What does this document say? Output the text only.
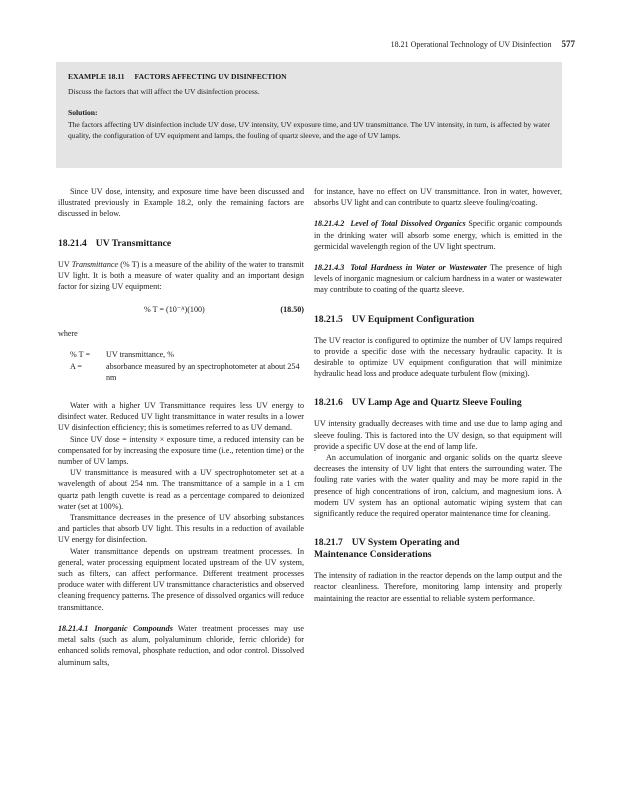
18.21 Operational Technology of UV Disinfection 577
EXAMPLE 18.11 FACTORS AFFECTING UV DISINFECTION
Discuss the factors that will affect the UV disinfection process.
Solution:
The factors affecting UV disinfection include UV dose, UV intensity, UV exposure time, and UV transmittance. The UV intensity, in turn, is affected by water quality, the configuration of UV equipment and lamps, the fouling of quartz sleeve, and the age of UV lamps.

Since UV dose, intensity, and exposure time have been discussed and illustrated previously in Example 18.2, only the remaining factors are discussed in below.

18.21.4 UV Transmittance

UV Transmittance (% T) is a measure of the ability of the water to transmit UV light. It is both a measure of water quality and an important design factor for sizing UV equipment:

% T = (10⁻ᴬ)(100)	(18.50)

where

% T =	UV transmittance, %
A =	absorbance measured by an spectrophotometer at about 254 nm

Water with a higher UV Transmittance requires less UV energy to disinfect water. Reduced UV light transmittance in water results in a lower UV disinfection efficiency; this is sometimes referred to as UV demand.

Since UV dose = intensity × exposure time, a reduced intensity can be compensated for by increasing the exposure time (i.e., retention time) or the number of UV lamps.

UV transmittance is measured with a UV spectrophotometer set at a wavelength of about 254 nm. The transmittance of a sample in a 1 cm quartz path length cuvette is read as a percentage compared to deionized water (set at 100%).

Transmittance decreases in the presence of UV absorbing substances and particles that absorb UV light. This results in a reduction of available UV energy for disinfection.

Water transmittance depends on upstream treatment processes. In general, water processing equipment located upstream of the UV system, such as filters, can affect performance. Different treatment processes produce water with different UV transmittance characteristics and observed cleaning frequency patterns. The presence of dissolved organics will reduce transmittance.

18.21.4.1 Inorganic Compounds Water treatment processes may use metal salts (such as alum, polyaluminum chloride, ferric chloride) for enhanced solids removal, phosphate reduction, and odor control. Dissolved aluminum salts,

for instance, have no effect on UV transmittance. Iron in water, however, absorbs UV light and can contribute to quartz sleeve fouling/coating.

18.21.4.2 Level of Total Dissolved Organics Specific organic compounds in the drinking water will absorb some energy, which is emitted in the germicidal wavelength region of the UV light spectrum.

18.21.4.3 Total Hardness in Water or Wastewater The presence of high levels of inorganic magnesium or calcium hardness in a water or wastewater may contribute to coating of the quartz sleeve.

18.21.5 UV Equipment Configuration

The UV reactor is configured to optimize the number of UV lamps required to provide a specific dose with the necessary hydraulic capacity. It is desirable to optimize UV equipment configuration that will minimize hydraulic head loss and produce adequate turbulent flow (mixing).

18.21.6 UV Lamp Age and Quartz Sleeve Fouling

UV intensity gradually decreases with time and use due to lamp aging and sleeve fouling. This is factored into the UV design, so that equipment will provide a specific UV dose at the end of lamp life.

An accumulation of inorganic and organic solids on the quartz sleeve decreases the intensity of UV light that enters the surrounding water. The fouling rate varies with the water quality and may be more rapid in the presence of high concentrations of iron, calcium, and magnesium ions. A modern UV system has an optional automatic wiping system that can significantly reduce the required operator maintenance time for cleaning.

18.21.7 UV System Operating and
Maintenance Considerations

The intensity of radiation in the reactor depends on the lamp output and the reactor cleanliness. Therefore, monitoring lamp intensity and properly maintaining the reactor are essential to reliable system performance.
